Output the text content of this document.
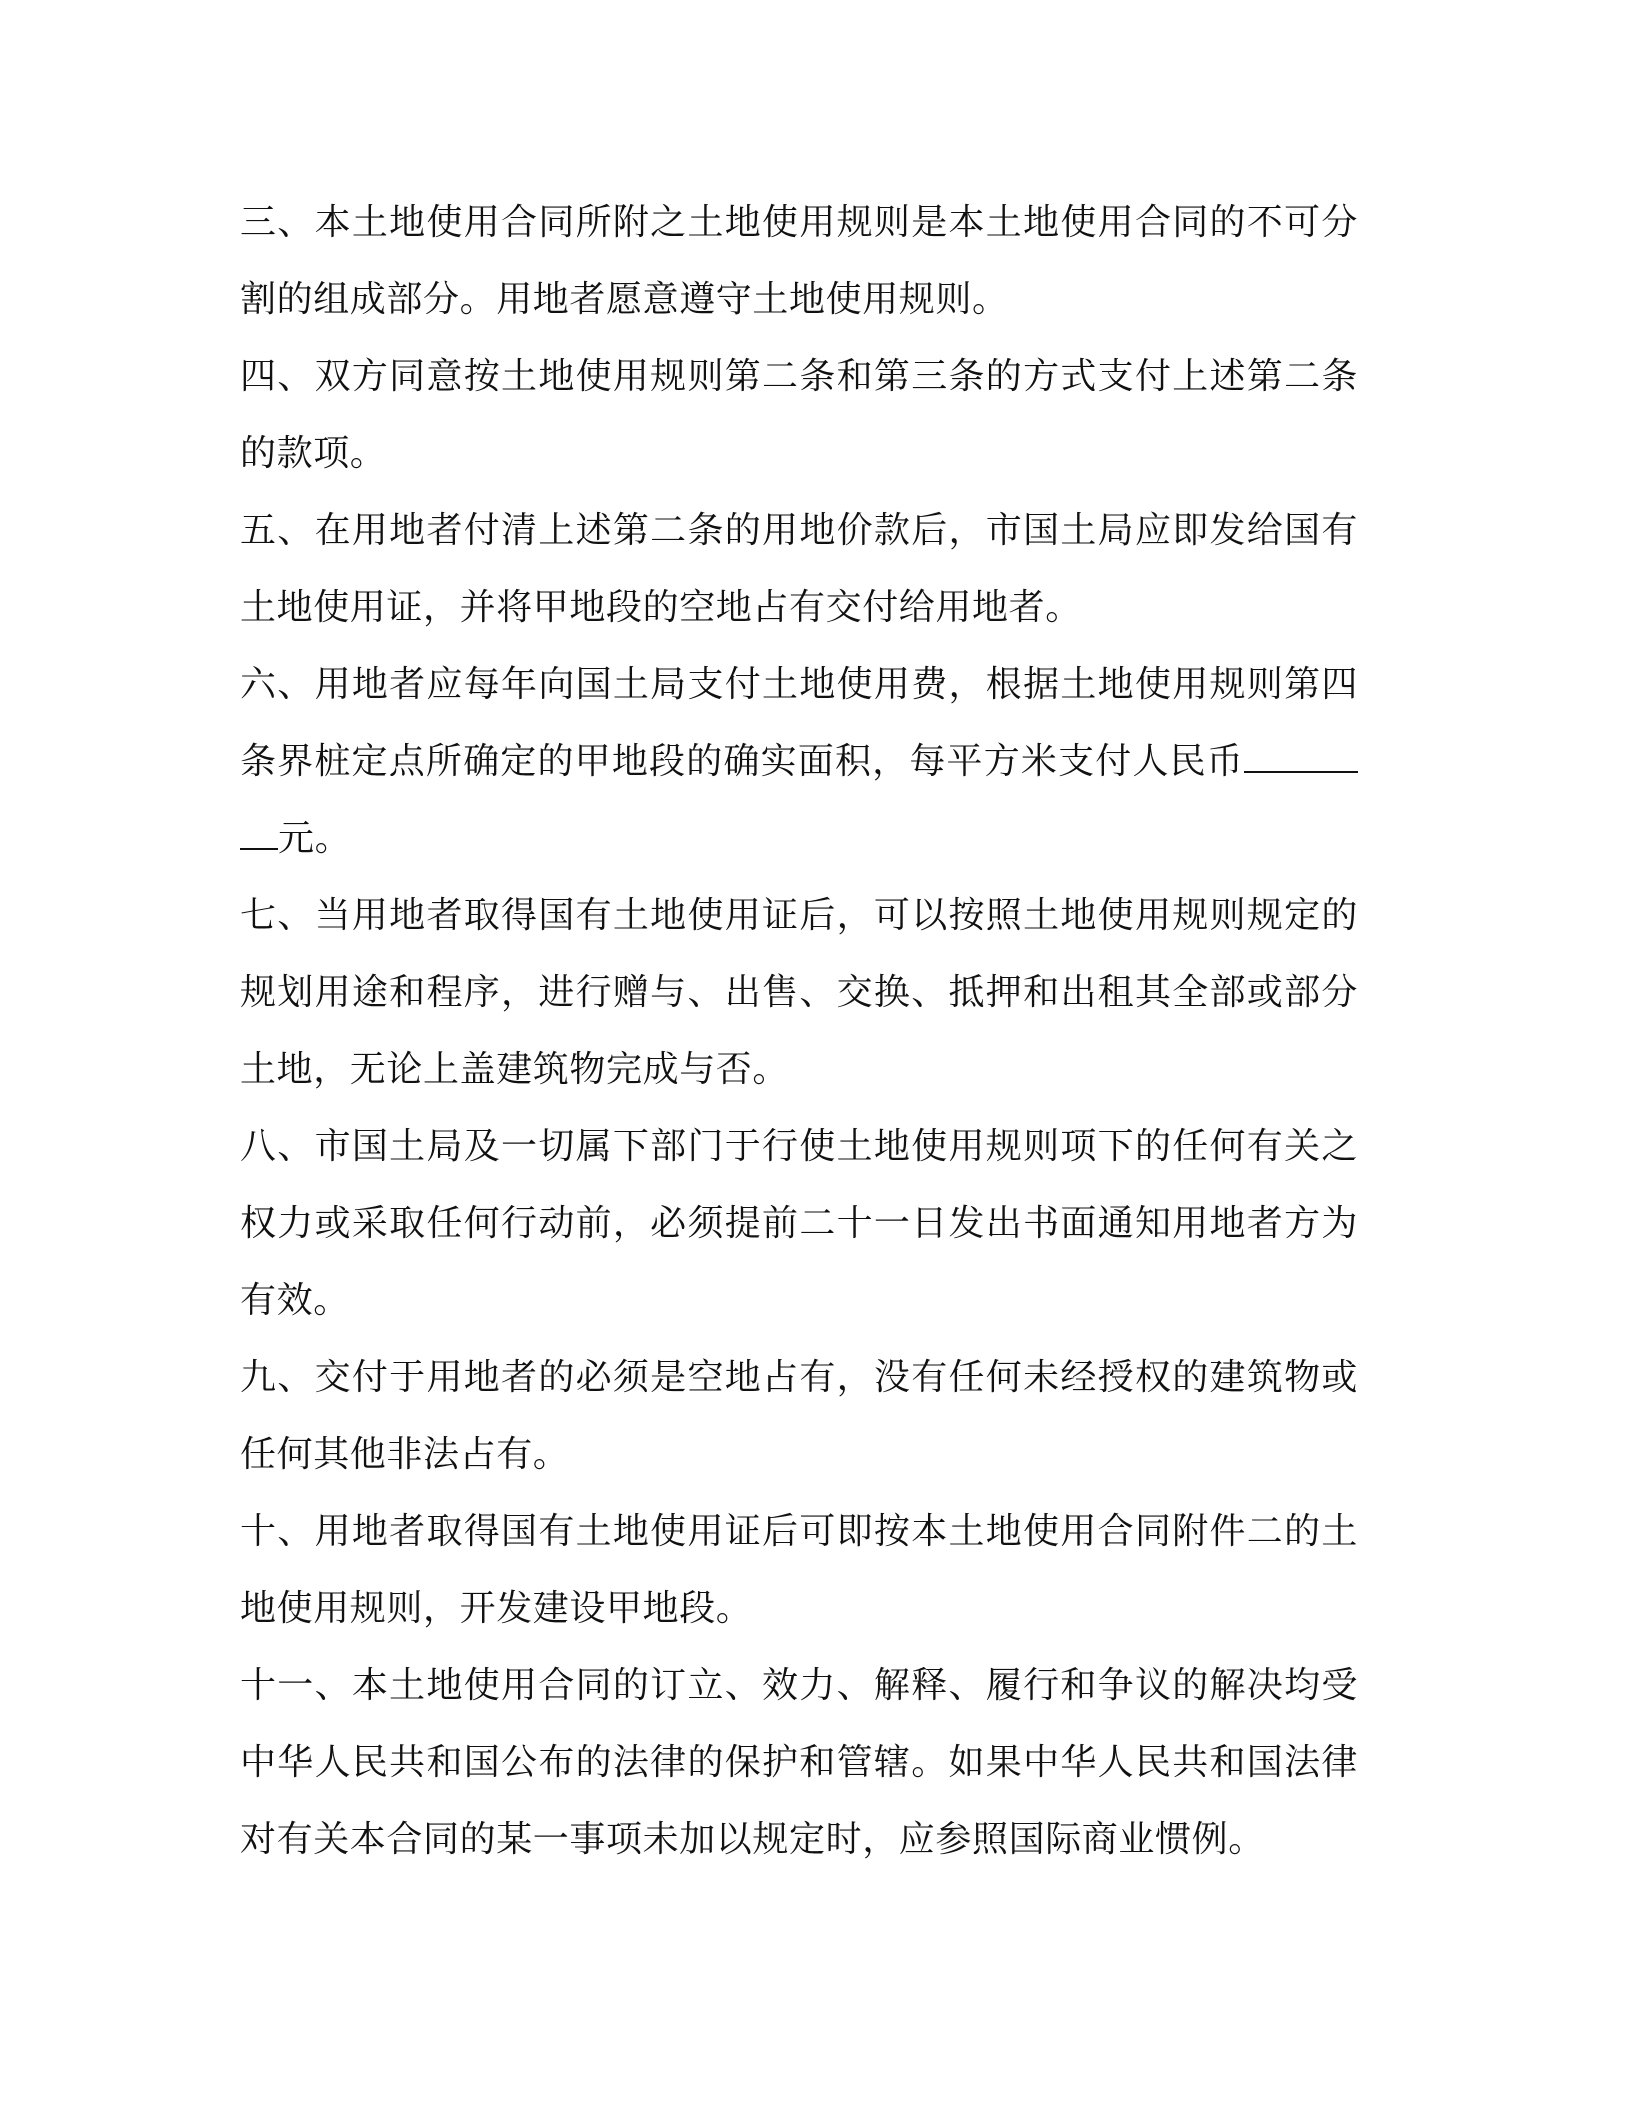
三、本土地使用合同所附之土地使用规则是本土地使用合同的不可分割的组成部分。用地者愿意遵守土地使用规则。

四、双方同意按土地使用规则第二条和第三条的方式支付上述第二条的款项。

五、在用地者付清上述第二条的用地价款后，市国土局应即发给国有土地使用证，并将甲地段的空地占有交付给用地者。

六、用地者应每年向国土局支付土地使用费，根据土地使用规则第四条界桩定点所确定的甲地段的确实面积，每平方米支付人民币元。

七、当用地者取得国有土地使用证后，可以按照土地使用规则规定的规划用途和程序，进行赠与、出售、交换、抵押和出租其全部或部分土地，无论上盖建筑物完成与否。

八、市国土局及一切属下部门于行使土地使用规则项下的任何有关之权力或采取任何行动前，必须提前二十一日发出书面通知用地者方为有效。

九、交付于用地者的必须是空地占有，没有任何未经授权的建筑物或任何其他非法占有。

十、用地者取得国有土地使用证后可即按本土地使用合同附件二的土地使用规则，开发建设甲地段。

十一、本土地使用合同的订立、效力、解释、履行和争议的解决均受中华人民共和国公布的法律的保护和管辖。如果中华人民共和国法律对有关本合同的某一事项未加以规定时，应参照国际商业惯例。
